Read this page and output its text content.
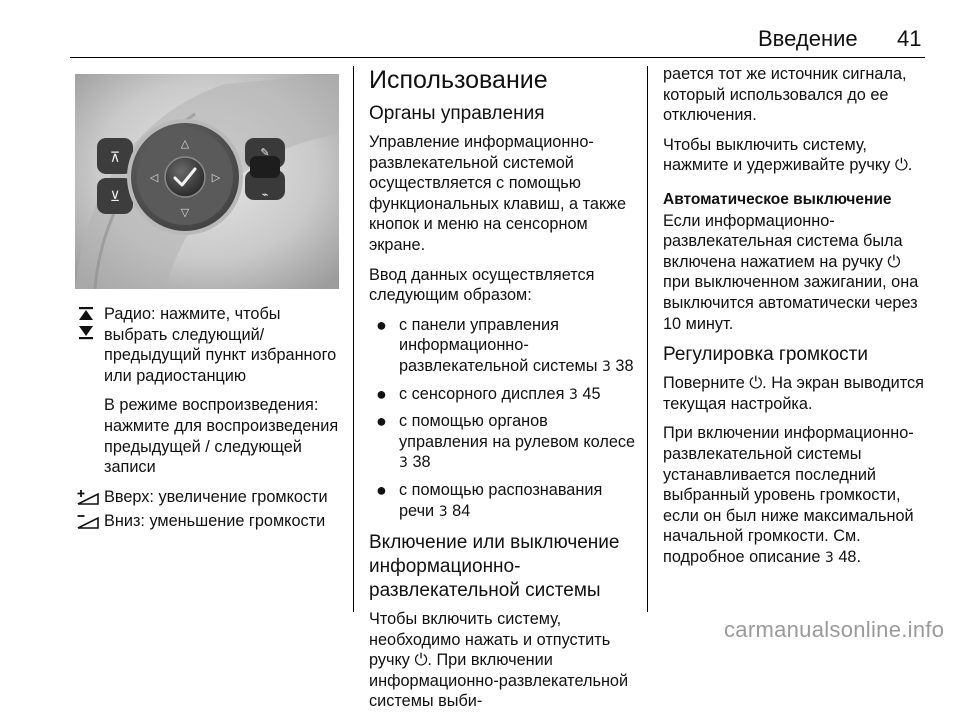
Введение 41
⊼
⊻
✎
⌁
△
▽
◁	▷

Радио: нажмите, чтобы выбрать следующий/ предыдущий пункт избранного или радиостанцию

В режиме воспроизведения: нажмите для воспроизведения предыдущей / следующей записи

Вверх: увеличение громкости

Вниз: уменьшение громкости

Использование
Органы управления

Управление информационно-развлекательной системой осуществляется с помощью функциональных клавиш, а также кнопок и меню на сенсорном экране.

Ввод данных осуществляется следующим образом:

● с панели управления информационно-развлекательной системы 3 38
● с сенсорного дисплея 3 45
● с помощью органов управления на рулевом колесе 3 38
● с помощью распознавания речи 3 84
Включение или выключение информационно-развлекательной системы

Чтобы включить систему, необходимо нажать и отпустить ручку ⏻. При включении информационно-развлекательной системы выби-

рается тот же источник сигнала, который использовался до ее отключения.

Чтобы выключить систему, нажмите и удерживайте ручку ⏻.

Автоматическое выключение

Если информационно-развлекательная система была включена нажатием на ручку ⏻ при выключенном зажигании, она выключится автоматически через
10 минут.

Регулировка громкости

Поверните ⏻. На экран выводится текущая настройка.

При включении информационно-развлекательной системы устанавливается последний выбранный уровень громкости, если он был ниже максимальной начальной громкости. См. подробное описание 3 48.

carmanualsonline.info
